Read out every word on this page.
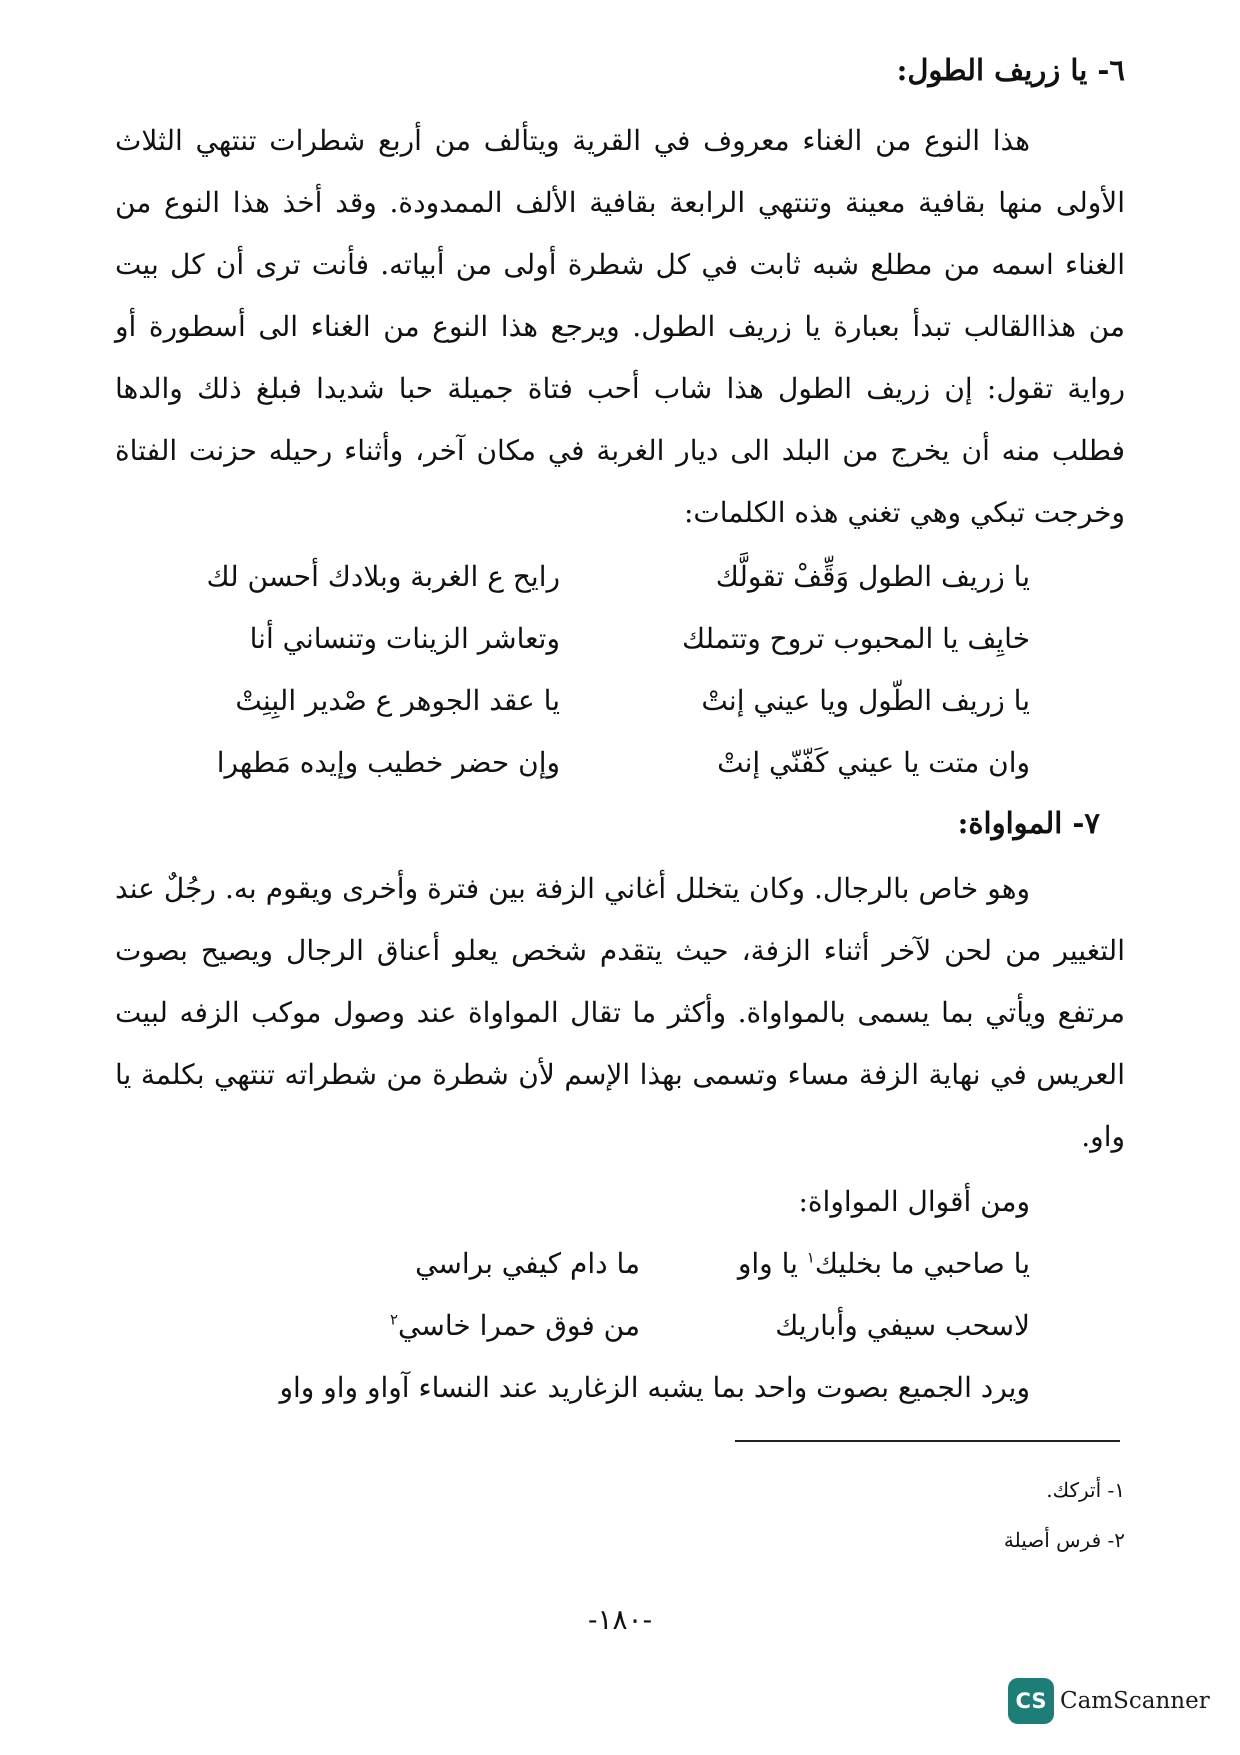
٦- يا زريف الطول:
هذا النوع من الغناء معروف في القرية ويتألف من أربع شطرات تنتهي الثلاث الأولى منها بقافية معينة وتنتهي الرابعة بقافية الألف الممدودة. وقد أخذ هذا النوع من الغناء اسمه من مطلع شبه ثابت في كل شطرة أولى من أبياته. فأنت ترى أن كل بيت من هذاالقالب تبدأ بعبارة يا زريف الطول. ويرجع هذا النوع من الغناء الى أسطورة أو رواية تقول: إن زريف الطول هذا شاب أحب فتاة جميلة حبا شديدا فبلغ ذلك والدها فطلب منه أن يخرج من البلد الى ديار الغربة في مكان آخر، وأثناء رحيله حزنت الفتاة وخرجت تبكي وهي تغني هذه الكلمات:
يا زريف الطول وَقِّفْ تقولَّك
رايح ع الغربة وبلادك أحسن لك
خايِف يا المحبوب تروح وتتملك
وتعاشر الزينات وتنساني أنا
يا زريف الطّول ويا عيني إنتْ
يا عقد الجوهر ع صْدير البِنِتْ
وان متت يا عيني كَفّنّي إنتْ
وإن حضر خطيب وإيده مَطهرا
٧- المواواة:
وهو خاص بالرجال. وكان يتخلل أغاني الزفة بين فترة وأخرى ويقوم به. رجُلٌ عند التغيير من لحن لآخر أثناء الزفة، حيث يتقدم شخص يعلو أعناق الرجال ويصيح بصوت مرتفع ويأتي بما يسمى بالمواواة. وأكثر ما تقال المواواة عند وصول موكب الزفه لبيت العريس في نهاية الزفة مساء وتسمى بهذا الإسم لأن شطرة من شطراته تنتهي بكلمة يا واو.
ومن أقوال المواواة:
يا صاحبي ما بخليك$^١$ يا واو
ما دام كيفي براسي
لاسحب سيفي وأباريك
من فوق حمرا خاسي$^٢$
ويرد الجميع بصوت واحد بما يشبه الزغاريد عند النساء آواو واو واو
١- أتركك.
٢- فرس أصيلة
-١٨٠-
CS CamScanner
